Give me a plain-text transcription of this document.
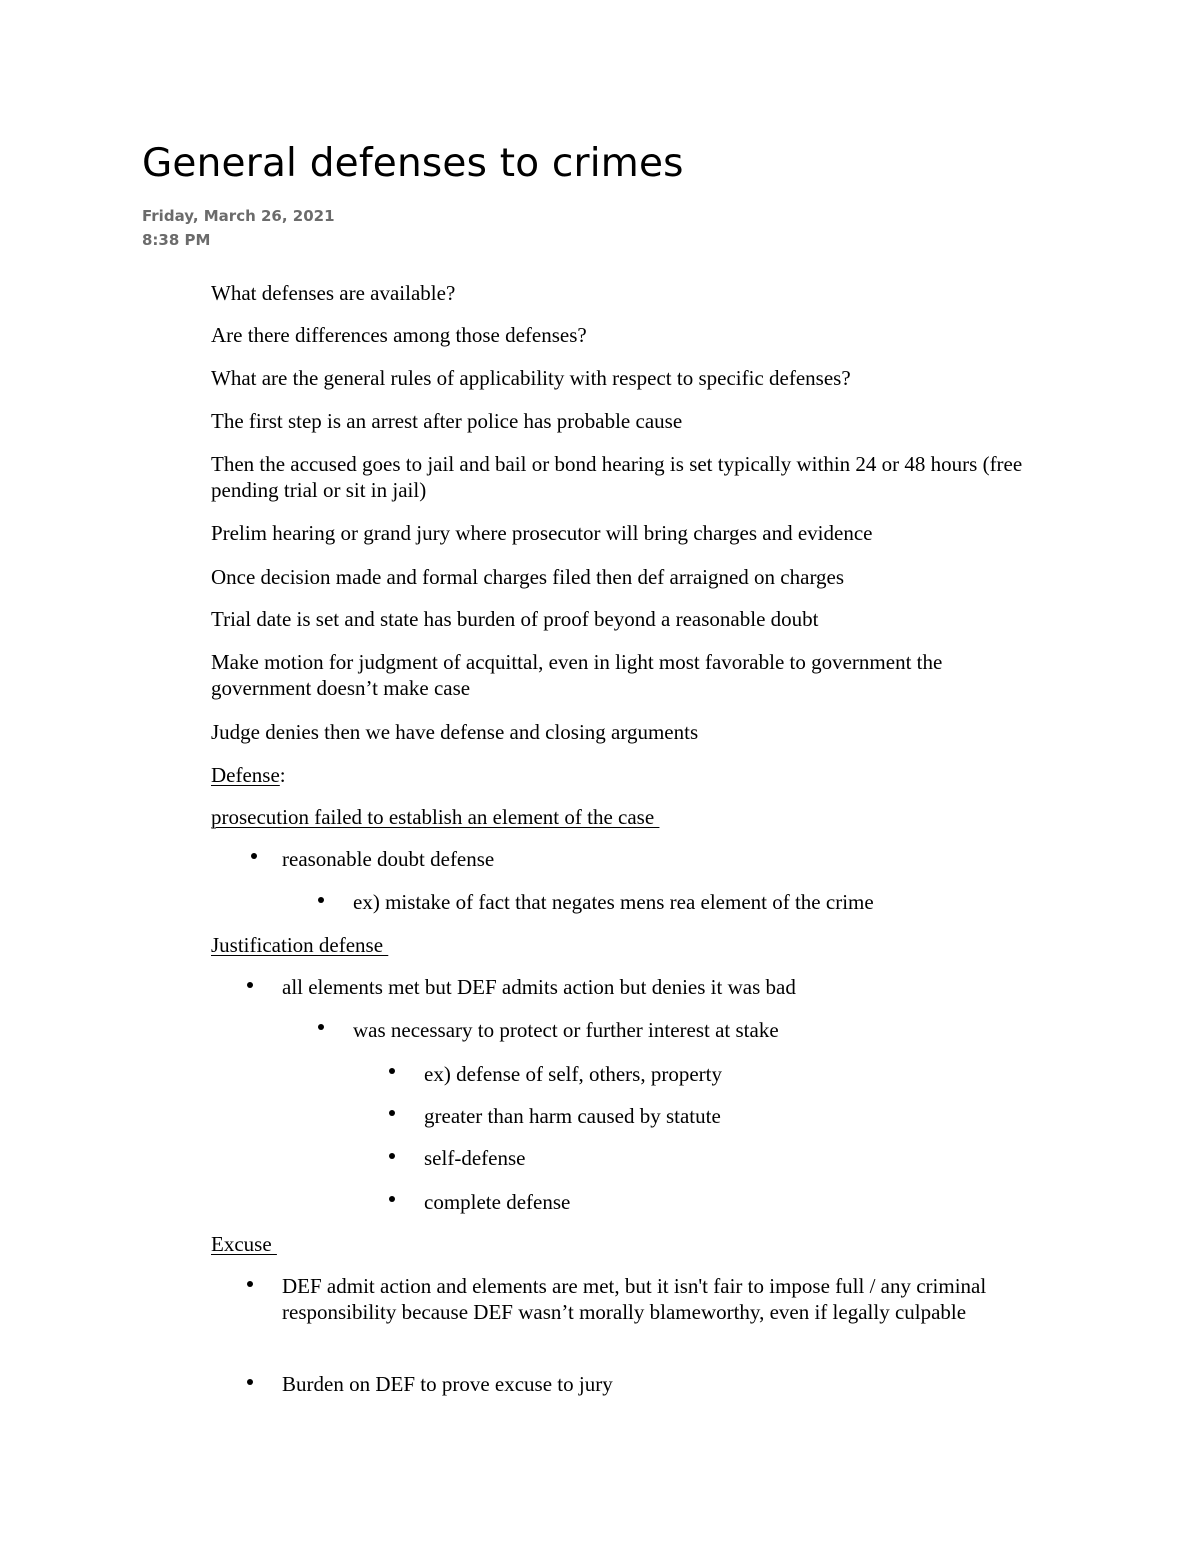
General defenses to crimes
Friday, March 26, 2021
8:38 PM
What defenses are available?
Are there differences among those defenses?
What are the general rules of applicability with respect to specific defenses?
The first step is an arrest after police has probable cause
Then the accused goes to jail and bail or bond hearing is set typically within 24 or 48 hours (free pending trial or sit in jail)
Prelim hearing or grand jury where prosecutor will bring charges and evidence
Once decision made and formal charges filed then def arraigned on charges
Trial date is set and state has burden of proof beyond a reasonable doubt
Make motion for judgment of acquittal, even in light most favorable to government the government doesn’t make case
Judge denies then we have defense and closing arguments
Defense:
prosecution failed to establish an element of the case
reasonable doubt defense
ex) mistake of fact that negates mens rea element of the crime
Justification defense
all elements met but DEF admits action but denies it was bad
was necessary to protect or further interest at stake
ex) defense of self, others, property
greater than harm caused by statute
self-defense
complete defense
Excuse
DEF admit action and elements are met, but it isn't fair to impose full / any criminal responsibility because DEF wasn’t morally blameworthy, even if legally culpable
Burden on DEF to prove excuse to jury
